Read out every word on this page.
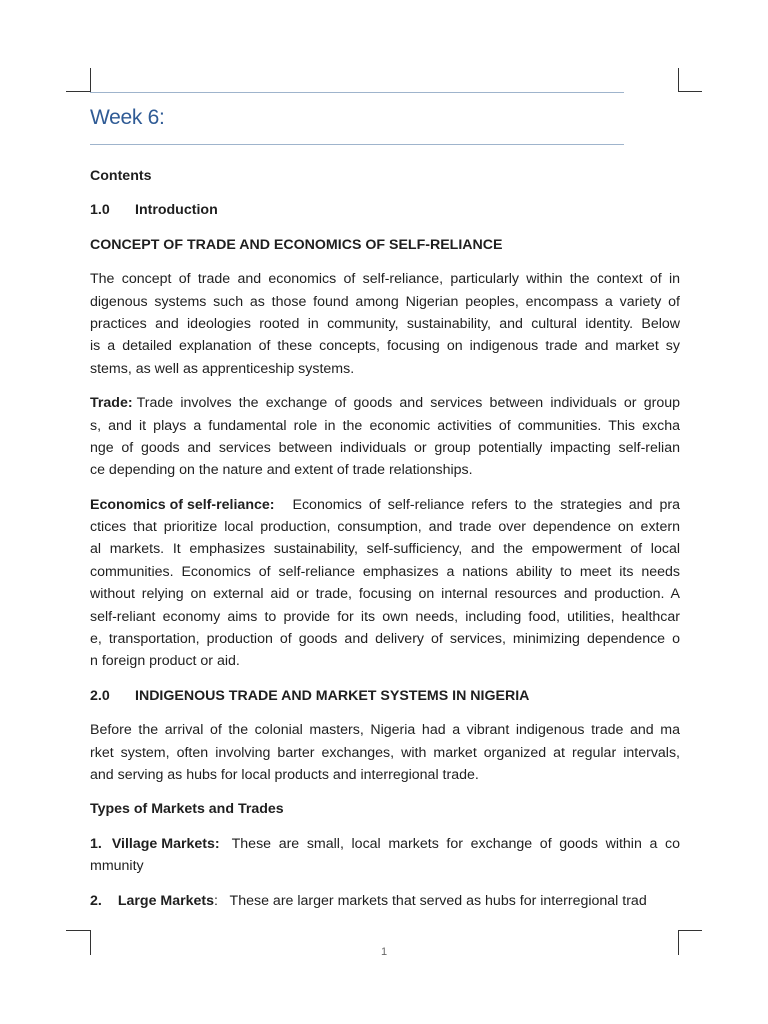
Week 6:
Contents
1.0 Introduction
CONCEPT OF TRADE AND ECONOMICS OF SELF-RELIANCE
The concept of trade and economics of self-reliance, particularly within the context of in
digenous systems such as those found among Nigerian peoples, encompass a variety of
practices and ideologies rooted in community, sustainability, and cultural identity. Below
is a detailed explanation of these concepts, focusing on indigenous trade and market sy
stems, as well as apprenticeship systems.
Trade: Trade involves the exchange of goods and services between individuals or group
s, and it plays a fundamental role in the economic activities of communities. This excha
nge of goods and services between individuals or group potentially impacting self-relian
ce depending on the nature and extent of trade relationships.
Economics of self-reliance: Economics of self-reliance refers to the strategies and pra
ctices that prioritize local production, consumption, and trade over dependence on extern
al markets. It emphasizes sustainability, self-sufficiency, and the empowerment of local
communities. Economics of self-reliance emphasizes a nations ability to meet its needs
without relying on external aid or trade, focusing on internal resources and production. A
self-reliant economy aims to provide for its own needs, including food, utilities, healthcar
e, transportation, production of goods and delivery of services, minimizing dependence o
n foreign product or aid.
2.0 INDIGENOUS TRADE AND MARKET SYSTEMS IN NIGERIA
Before the arrival of the colonial masters, Nigeria had a vibrant indigenous trade and ma
rket system, often involving barter exchanges, with market organized at regular intervals,
and serving as hubs for local products and interregional trade.
Types of Markets and Trades
1. Village Markets: These are small, local markets for exchange of goods within a co
mmunity
2. Large Markets :   These are larger markets that served as hubs for interregional trad
1
